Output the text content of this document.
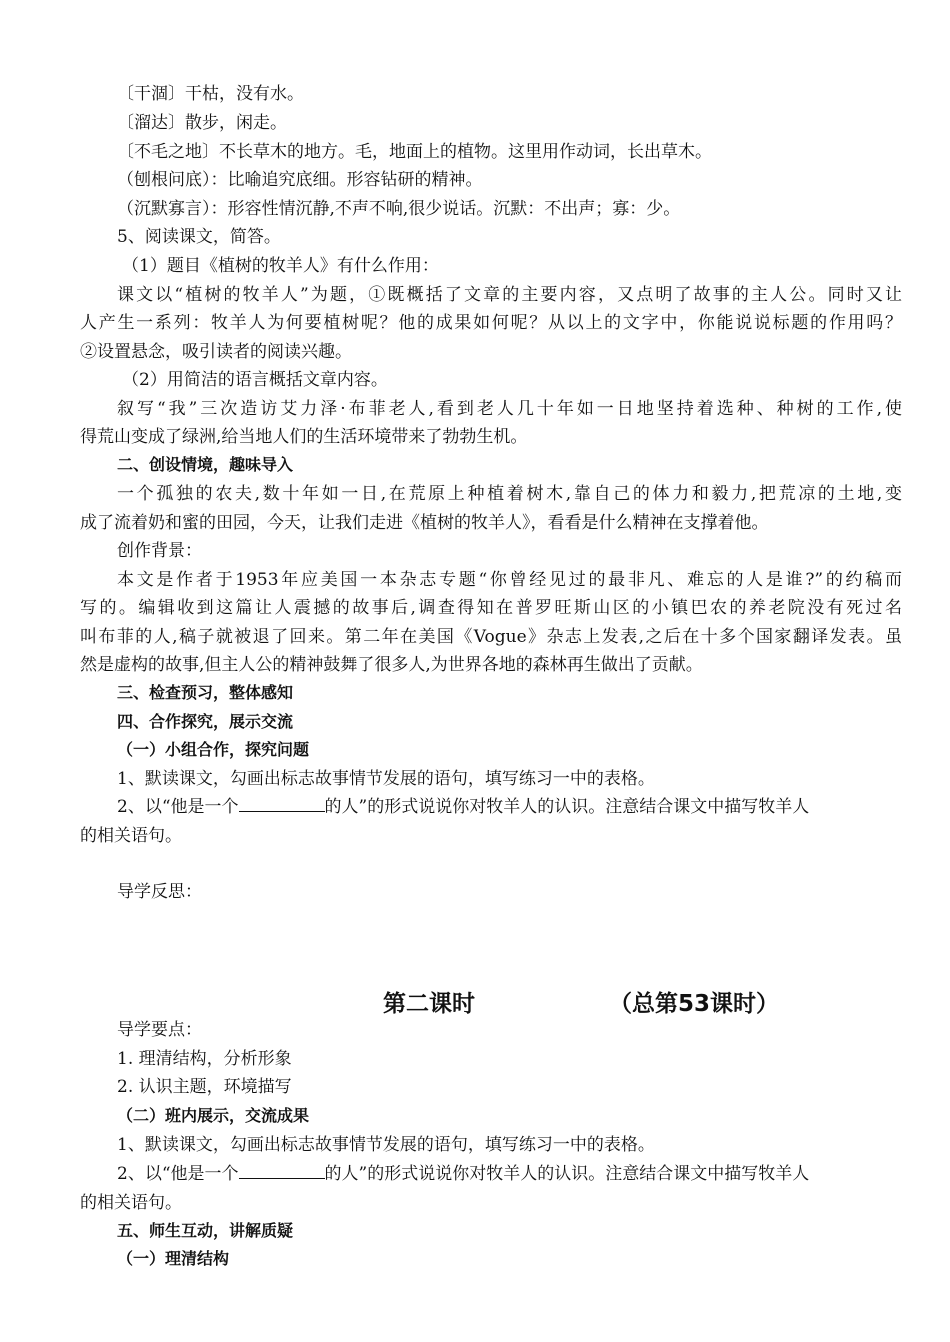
〔干涸〕干枯，没有水。
〔溜达〕散步，闲走。
〔不毛之地〕不长草木的地方。毛，地面上的植物。这里用作动词，长出草木。
（刨根问底）：比喻追究底细。形容钻研的精神。
（沉默寡言）：形容性情沉静,不声不响,很少说话。沉默：不出声；寡：少。
5、阅读课文，简答。
（1）题目《植树的牧羊人》有什么作用：
课文以“植树的牧羊人”为题，①既概括了文章的主要内容，又点明了故事的主人公。同时又让
人产生一系列：牧羊人为何要植树呢？他的成果如何呢？从以上的文字中，你能说说标题的作用吗？
②设置悬念，吸引读者的阅读兴趣。
（2）用简洁的语言概括文章内容。
叙写“我”三次造访艾力泽·布菲老人,看到老人几十年如一日地坚持着选种、种树的工作,使
得荒山变成了绿洲,给当地人们的生活环境带来了勃勃生机。
二、创设情境，趣味导入
一个孤独的农夫,数十年如一日,在荒原上种植着树木,靠自己的体力和毅力,把荒凉的土地,变
成了流着奶和蜜的田园，今天，让我们走进《植树的牧羊人》，看看是什么精神在支撑着他。
创作背景：
本文是作者于1953年应美国一本杂志专题“你曾经见过的最非凡、难忘的人是谁?”的约稿而
写的。编辑收到这篇让人震撼的故事后,调查得知在普罗旺斯山区的小镇巴农的养老院没有死过名
叫布菲的人,稿子就被退了回来。第二年在美国《Vogue》杂志上发表,之后在十多个国家翻译发表。虽
然是虚构的故事,但主人公的精神鼓舞了很多人,为世界各地的森林再生做出了贡献。
三、检查预习，整体感知
四、合作探究，展示交流
（一）小组合作，探究问题
1、默读课文，勾画出标志故事情节发展的语句，填写练习一中的表格。
2、以“他是一个	的人”的形式说说你对牧羊人的认识。注意结合课文中描写牧羊人
的相关语句。
导学反思：
第二课时	（总第53课时）
导学要点：
1. 理清结构，分析形象
2. 认识主题，环境描写
（二）班内展示，交流成果
1、默读课文，勾画出标志故事情节发展的语句，填写练习一中的表格。
2、以“他是一个	的人”的形式说说你对牧羊人的认识。注意结合课文中描写牧羊人
的相关语句。
五、师生互动，讲解质疑
（一）理清结构
